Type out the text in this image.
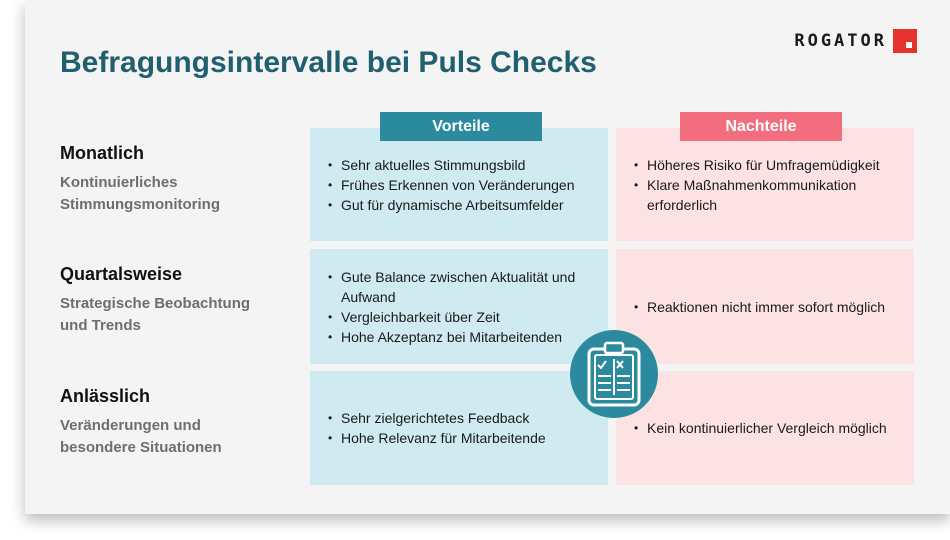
Befragungsintervalle bei Puls Checks
ROGATOR

Monatlich

Kontinuierliches
Stimmungsmonitoring

Quartalsweise

Strategische Beobachtung
und Trends

Anlässlich

Veränderungen und
besondere Situationen

• Sehr aktuelles Stimmungsbild
• Frühes Erkennen von Veränderungen
• Gut für dynamische Arbeitsumfelder
• Höheres Risiko für Umfragemüdigkeit
• Klare Maßnahmenkommunikation erforderlich
• Gute Balance zwischen Aktualität und Aufwand
• Vergleichbarkeit über Zeit
• Hohe Akzeptanz bei Mitarbeitenden
• Reaktionen nicht immer sofort möglich
• Sehr zielgerichtetes Feedback
• Hohe Relevanz für Mitarbeitende
• Kein kontinuierlicher Vergleich möglich
Vorteile	Nachteile
